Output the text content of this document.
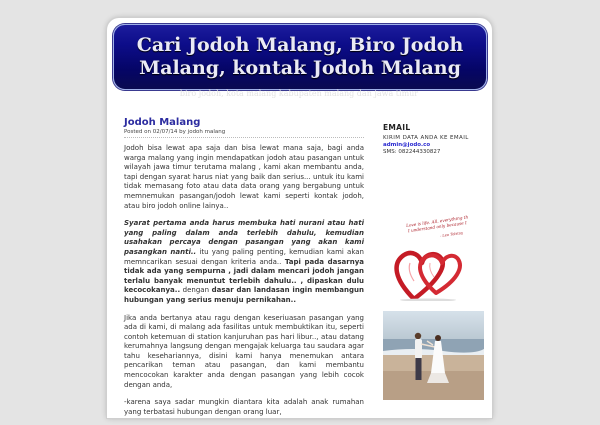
Cari Jodoh Malang, Biro Jodoh Malang, kontak Jodoh Malang
biro jodoh, kota malang kabupaten malang dan jawa timur
Jodoh Malang
Posted on 02/07/14 by jodoh malang

Jodoh bisa lewat apa saja dan bisa lewat mana saja, bagi anda warga malang yang ingin mendapatkan jodoh atau pasangan untuk wilayah jawa timur terutama malang , kami akan membantu anda, tapi dengan syarat harus niat yang baik dan serius... untuk itu kami tidak memasang foto atau data data orang yang bergabung untuk memnemukan pasangan/jodoh lewat kami seperti kontak jodoh, atau biro jodoh online lainya..

Syarat pertama anda harus membuka hati nurani atau hati yang paling dalam anda terlebih dahulu, kemudian usahakan percaya dengan pasangan yang akan kami pasangkan nanti.. itu yang paling penting, kemudian kami akan memncarikan sesuai dengan kriteria anda.. Tapi pada dasarnya tidak ada yang sempurna , jadi dalam mencari jodoh jangan terlalu banyak menuntut terlebih dahulu.. , dipaskan dulu kecocokanya.. dengan dasar dan landasan ingin membangun hubungan yang serius menuju pernikahan..

Jika anda bertanya atau ragu dengan keseriuasan pasangan yang ada di kami, di malang ada fasilitas untuk membuktikan itu, seperti contoh ketemuan di station kanjuruhan pas hari libur.., atau datang kerumahnya langsung dengan mengajak keluarga tau saudara agar tahu kesehariannya, disini kami hanya menemukan antara pencarikan teman atau pasangan, dan kami membantu mencocokan karakter anda dengan pasangan yang lebih cocok dengan anda,

-karena saya sadar mungkin diantara kita adalah anak rumahan yang terbatasi hubungan dengan orang luar,

EMAIL
KIRIM DATA ANDA KE EMAIL
admin@jodo.co
SMS: 082244330827
Love is life. All, everything that
I understand only because I
- Leo Tolstoy
